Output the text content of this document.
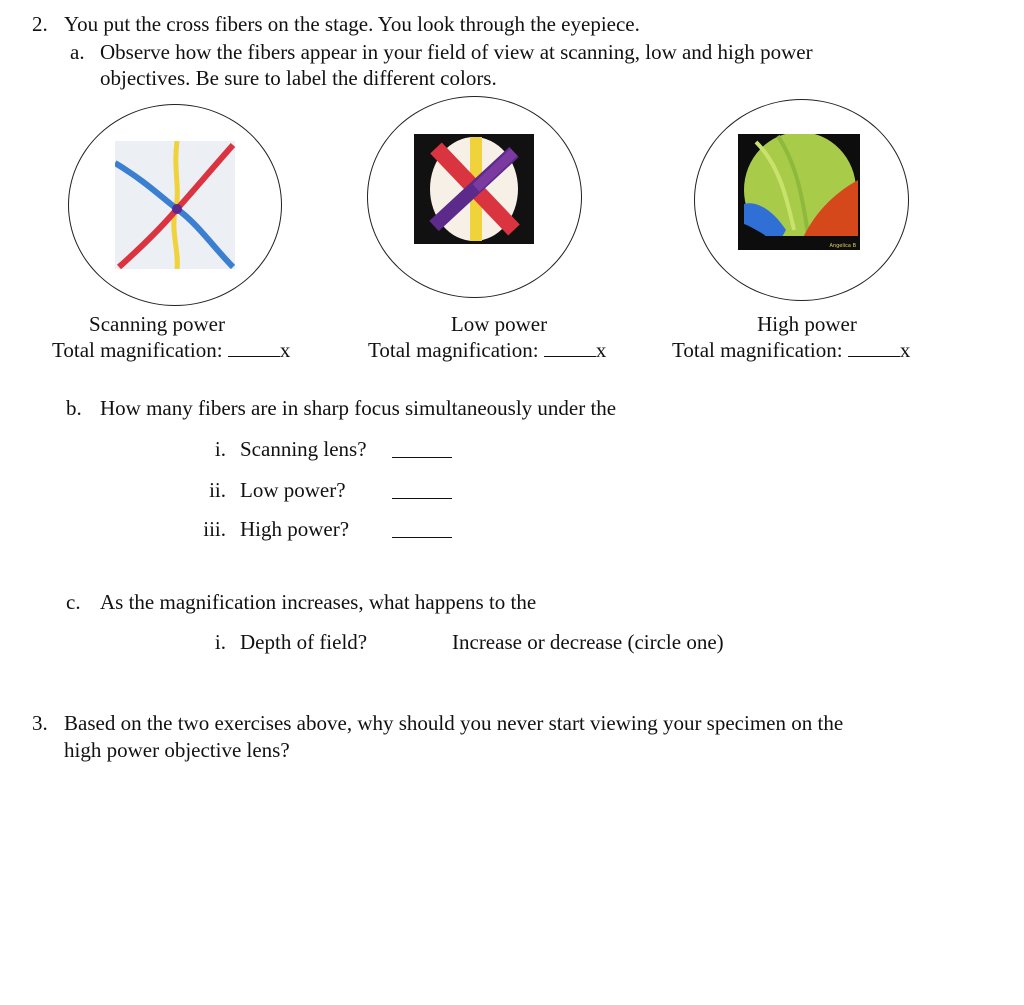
2. You put the cross fibers on the stage. You look through the eyepiece.
a. Observe how the fibers appear in your field of view at scanning, low and high power
objectives. Be sure to label the different colors.
Angelica B
Scanning power
Total magnification:	x
Low power
Total magnification:	x
High power
Total magnification:	x
b. How many fibers are in sharp focus simultaneously under the
i. Scanning lens?
ii. Low power?
iii. High power?
c. As the magnification increases, what happens to the
i. Depth of field?	Increase or decrease (circle one)
3. Based on the two exercises above, why should you never start viewing your specimen on the
high power objective lens?
